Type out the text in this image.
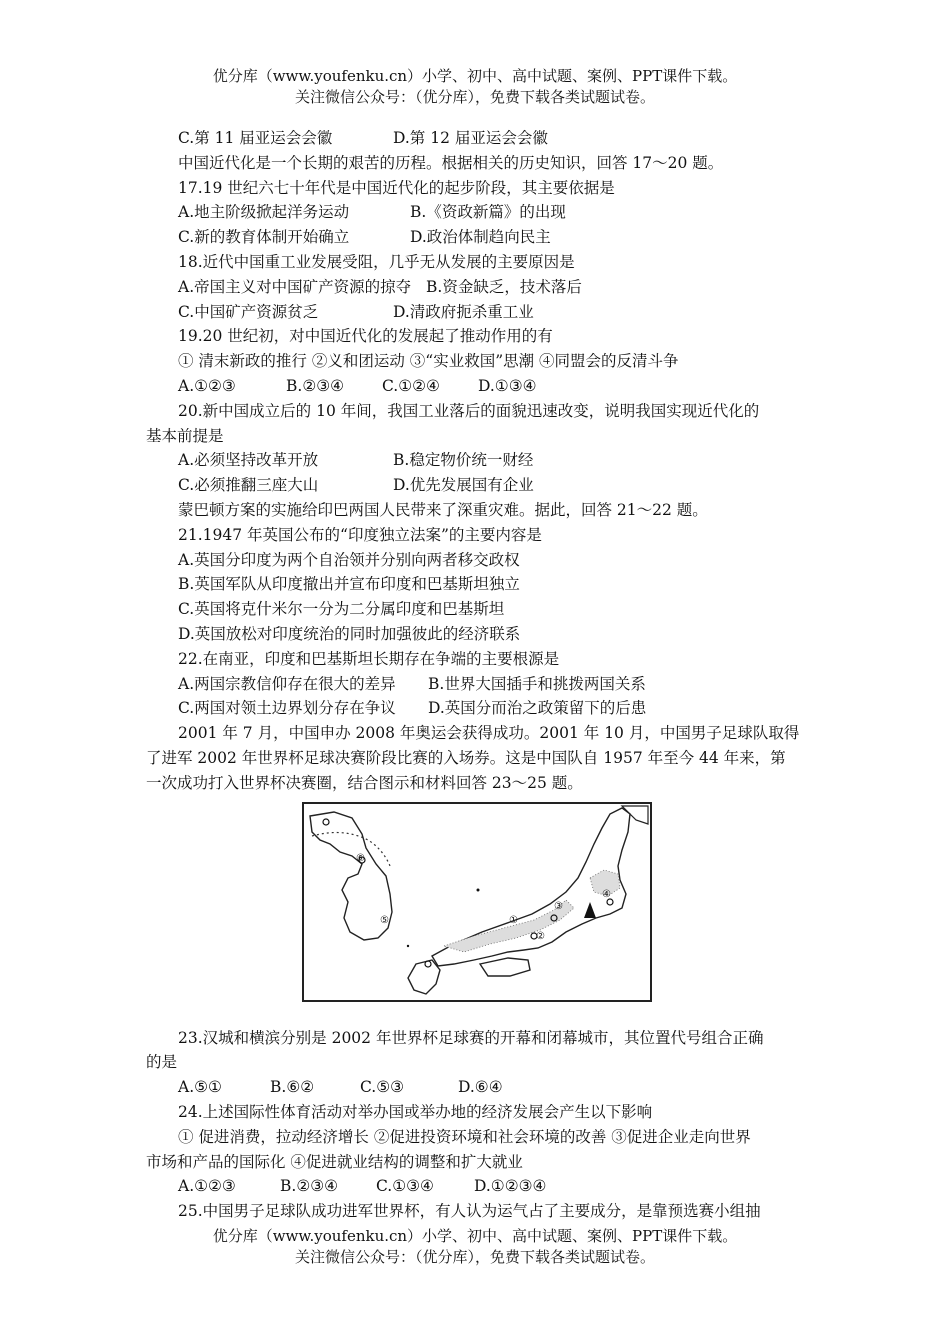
优分库（www.youfenku.cn）小学、初中、高中试题、案例、PPT课件下载。
关注微信公众号：（优分库），免费下载各类试题试卷。

C.第 11 届亚运会会徽	D.第 12 届亚运会会徽

中国近代化是一个长期的艰苦的历程。根据相关的历史知识，回答 17～20 题。

17.19 世纪六七十年代是中国近代化的起步阶段，其主要依据是

A.地主阶级掀起洋务运动	B.《资政新篇》的出现

C.新的教育体制开始确立	D.政治体制趋向民主

18.近代中国重工业发展受阻，几乎无从发展的主要原因是

A.帝国主义对中国矿产资源的掠夺 B.资金缺乏，技术落后

C.中国矿产资源贫乏	D.清政府扼杀重工业

19.20 世纪初，对中国近代化的发展起了推动作用的有

① 清末新政的推行 ②义和团运动 ③“实业救国”思潮 ④同盟会的反清斗争

A.①②③	B.②③④ C.①②④ D.①③④

20.新中国成立后的 10 年间，我国工业落后的面貌迅速改变，说明我国实现近代化的

基本前提是

A.必须坚持改革开放	B.稳定物价统一财经

C.必须推翻三座大山	D.优先发展国有企业

蒙巴顿方案的实施给印巴两国人民带来了深重灾难。据此，回答 21～22 题。

21.1947 年英国公布的“印度独立法案”的主要内容是

A.英国分印度为两个自治领并分别向两者移交政权

B.英国军队从印度撤出并宣布印度和巴基斯坦独立

C.英国将克什米尔一分为二分属印度和巴基斯坦

D.英国放松对印度统治的同时加强彼此的经济联系

22.在南亚，印度和巴基斯坦长期存在争端的主要根源是

A.两国宗教信仰存在很大的差异 B.世界大国插手和挑拨两国关系

C.两国对领土边界划分存在争议 D.英国分而治之政策留下的后患

2001 年 7 月，中国申办 2008 年奥运会获得成功。2001 年 10 月，中国男子足球队取得

了进军 2002 年世界杯足球决赛阶段比赛的入场券。这是中国队自 1957 年至今 44 年来，第

一次成功打入世界杯决赛圈，结合图示和材料回答 23～25 题。

①
②
③
④
⑤
⑥

23.汉城和横滨分别是 2002 年世界杯足球赛的开幕和闭幕城市，其位置代号组合正确

的是

A.⑤①	B.⑥②	C.⑤③	D.⑥④

24.上述国际性体育活动对举办国或举办地的经济发展会产生以下影响

① 促进消费，拉动经济增长 ②促进投资环境和社会环境的改善 ③促进企业走向世界

市场和产品的国际化 ④促进就业结构的调整和扩大就业

A.①②③	B.②③④ C.①③④	D.①②③④

25.中国男子足球队成功进军世界杯，有人认为运气占了主要成分，是靠预选赛小组抽

优分库（www.youfenku.cn）小学、初中、高中试题、案例、PPT课件下载。
关注微信公众号：（优分库），免费下载各类试题试卷。
